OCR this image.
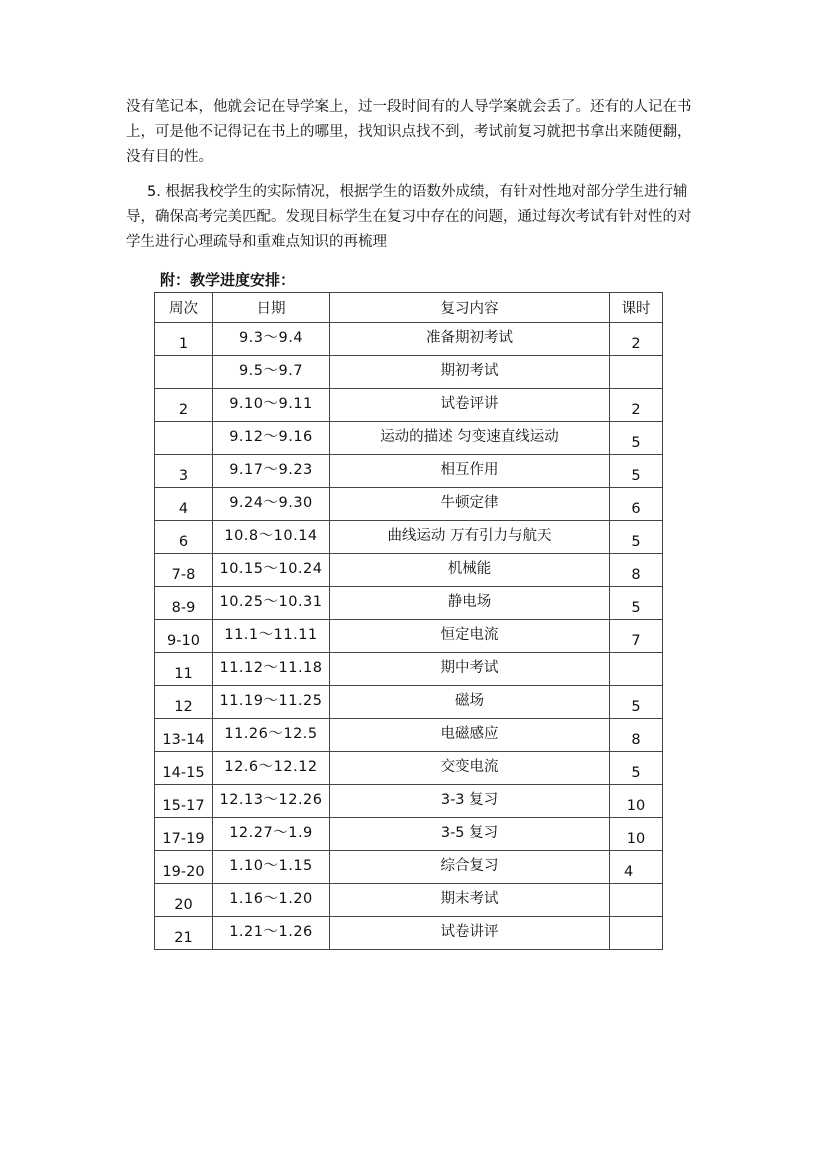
没有笔记本，他就会记在导学案上，过一段时间有的人导学案就会丢了。还有的人记在书
上，可是他不记得记在书上的哪里，找知识点找不到，考试前复习就把书拿出来随便翻，
没有目的性。
5. 根据我校学生的实际情况，根据学生的语数外成绩，有针对性地对部分学生进行辅
导，确保高考完美匹配。发现目标学生在复习中存在的问题，通过每次考试有针对性的对
学生进行心理疏导和重难点知识的再梳理
附：教学进度安排：
周次	日期	复习内容	课时
1	9.3～9.4	准备期初考试	2
	9.5～9.7	期初考试	
2	9.10～9.11	试卷评讲	2
	9.12～9.16	运动的描述 匀变速直线运动	5
3	9.17～9.23	相互作用	5
4	9.24～9.30	牛顿定律	6
6	10.8～10.14	曲线运动 万有引力与航天	5
7-8	10.15～10.24	机械能	8
8-9	10.25～10.31	静电场	5
9-10	11.1～11.11	恒定电流	7
11	11.12～11.18	期中考试	
12	11.19～11.25	磁场	5
13-14	11.26～12.5	电磁感应	8
14-15	12.6～12.12	交变电流	5
15-17	12.13～12.26	3-3 复习	10
17-19	12.27～1.9	3-5 复习	10
19-20	1.10～1.15	综合复习	4
20	1.16～1.20	期末考试	
21	1.21～1.26	试卷讲评	
